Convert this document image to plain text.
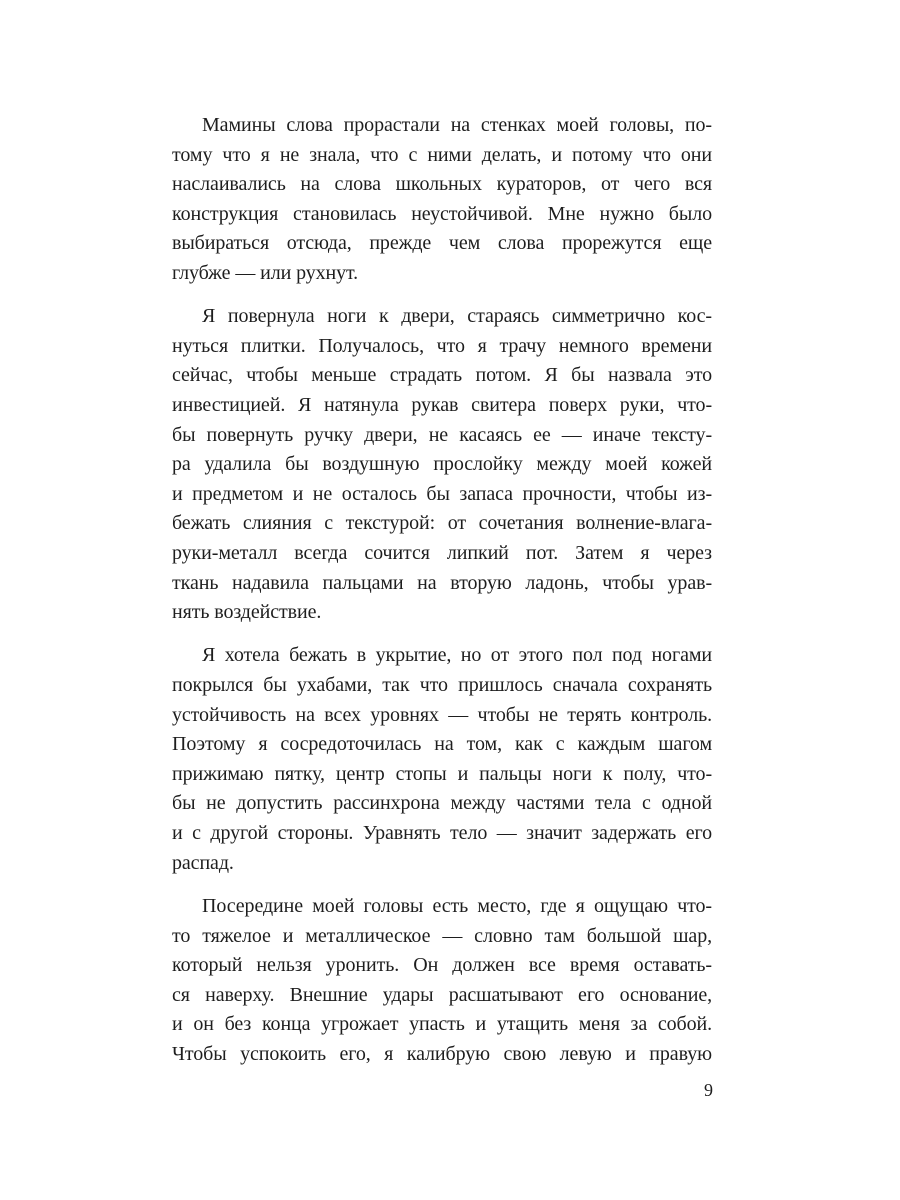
Мамины слова прорастали на стенках моей головы, по-
тому что я не знала, что с ними делать, и потому что они
наслаивались на слова школьных кураторов, от чего вся
конструкция становилась неустойчивой. Мне нужно было
выбираться отсюда, прежде чем слова прорежутся еще
глубже — или рухнут.

Я повернула ноги к двери, стараясь симметрично кос-
нуться плитки. Получалось, что я трачу немного времени
сейчас, чтобы меньше страдать потом. Я бы назвала это
инвестицией. Я натянула рукав свитера поверх руки, что-
бы повернуть ручку двери, не касаясь ее — иначе тексту-
ра удалила бы воздушную прослойку между моей кожей
и предметом и не осталось бы запаса прочности, чтобы из-
бежать слияния с текстурой: от сочетания волнение-влага-
руки-металл всегда сочится липкий пот. Затем я через
ткань надавила пальцами на вторую ладонь, чтобы урав-
нять воздействие.

Я хотела бежать в укрытие, но от этого пол под ногами
покрылся бы ухабами, так что пришлось сначала сохранять
устойчивость на всех уровнях — чтобы не терять контроль.
Поэтому я сосредоточилась на том, как с каждым шагом
прижимаю пятку, центр стопы и пальцы ноги к полу, что-
бы не допустить рассинхрона между частями тела с одной
и с другой стороны. Уравнять тело — значит задержать его
распад.

Посередине моей головы есть место, где я ощущаю что-
то тяжелое и металлическое — словно там большой шар,
который нельзя уронить. Он должен все время оставать-
ся наверху. Внешние удары расшатывают его основание,
и он без конца угрожает упасть и утащить меня за собой.
Чтобы успокоить его, я калибрую свою левую и правую

9
